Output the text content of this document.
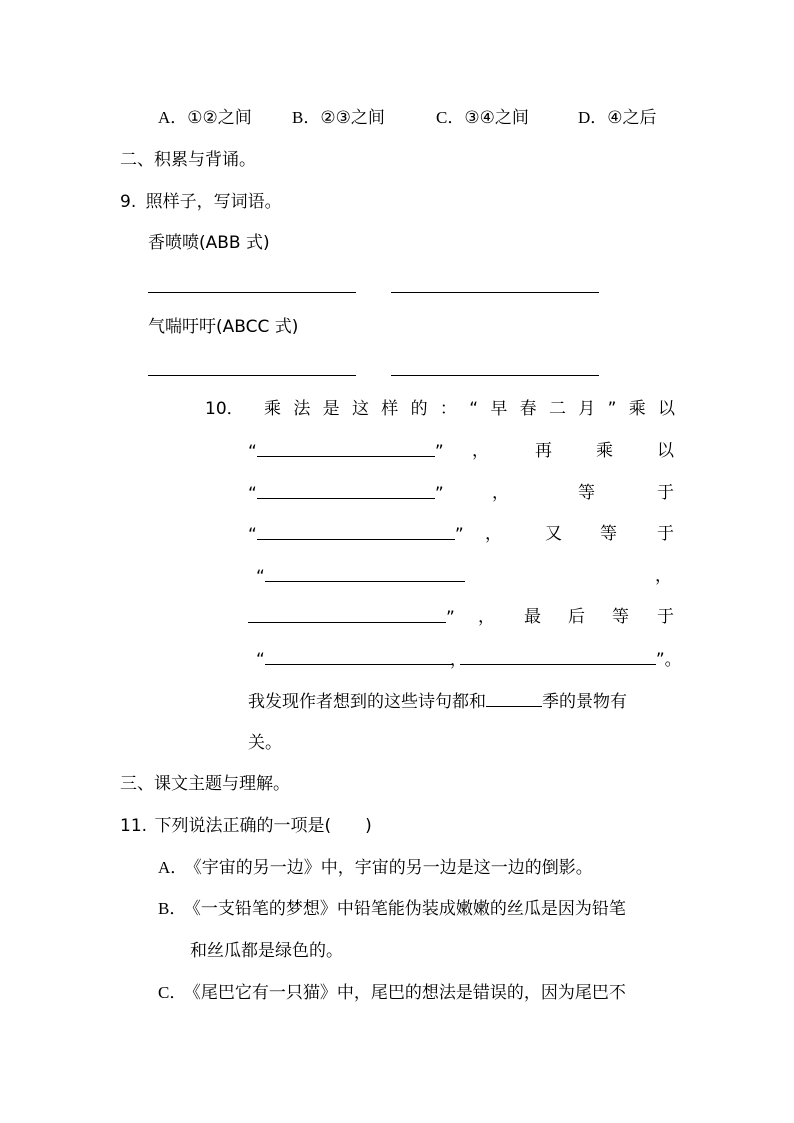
A．①②之间 B．②③之间	C．③④之间	D．④之后
二、积累与背诵。
9. 照样子，写词语。
香喷喷(ABB 式)
气喘吁吁(ABCC 式)
10． 乘 法 是 这 样 的 ： “ 早 春 二 月 ” 乘 以
“	” ，	再	乘	以
“	”	，	等	于
“	” ，	又 等 于
“	，
” ， 最 后 等 于
“	，	”。
我发现作者想到的这些诗句都和	季的景物有
关。
三、课文主题与理解。
11. 下列说法正确的一项是( )
A． 《宇宙的另一边》中，宇宙的另一边是这一边的倒影。
B． 《一支铅笔的梦想》中铅笔能伪装成嫩嫩的丝瓜是因为铅笔
和丝瓜都是绿色的。
C． 《尾巴它有一只猫》中，尾巴的想法是错误的，因为尾巴不
